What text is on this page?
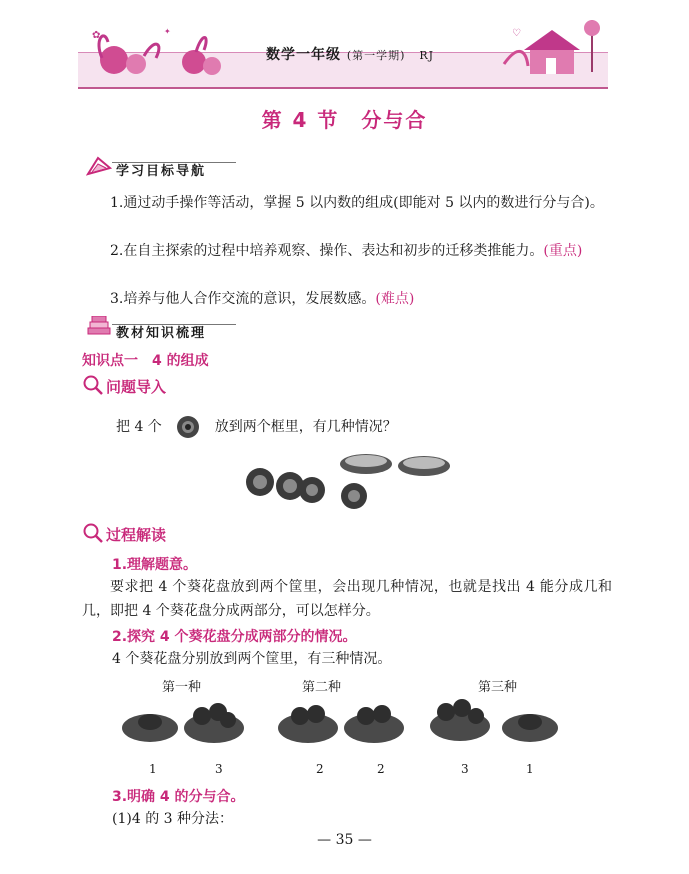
✿	✦	♡
数学一年级 (第一学期) RJ
第 4 节　分与合
学习目标导航
1.通过动手操作等活动，掌握 5 以内数的组成(即能对 5 以内的数进行分与合)。
2.在自主探索的过程中培养观察、操作、表达和初步的迁移类推能力。(重点)
3.培养与他人合作交流的意识，发展数感。(难点)
教材知识梳理
知识点一　4 的组成
问题导入
把 4 个	放到两个框里，有几种情况？
过程解读
1.理解题意。
要求把 4 个葵花盘放到两个筐里，会出现几种情况，也就是找出 4 能分成几和几，即把 4 个葵花盘分成两部分，可以怎样分。
2.探究 4 个葵花盘分成两部分的情况。
4 个葵花盘分别放到两个筐里，有三种情况。
第一种	第二种	第三种
1	3	2	2	3	1
3.明确 4 的分与合。
(1)4 的 3 种分法：
— 35 —
